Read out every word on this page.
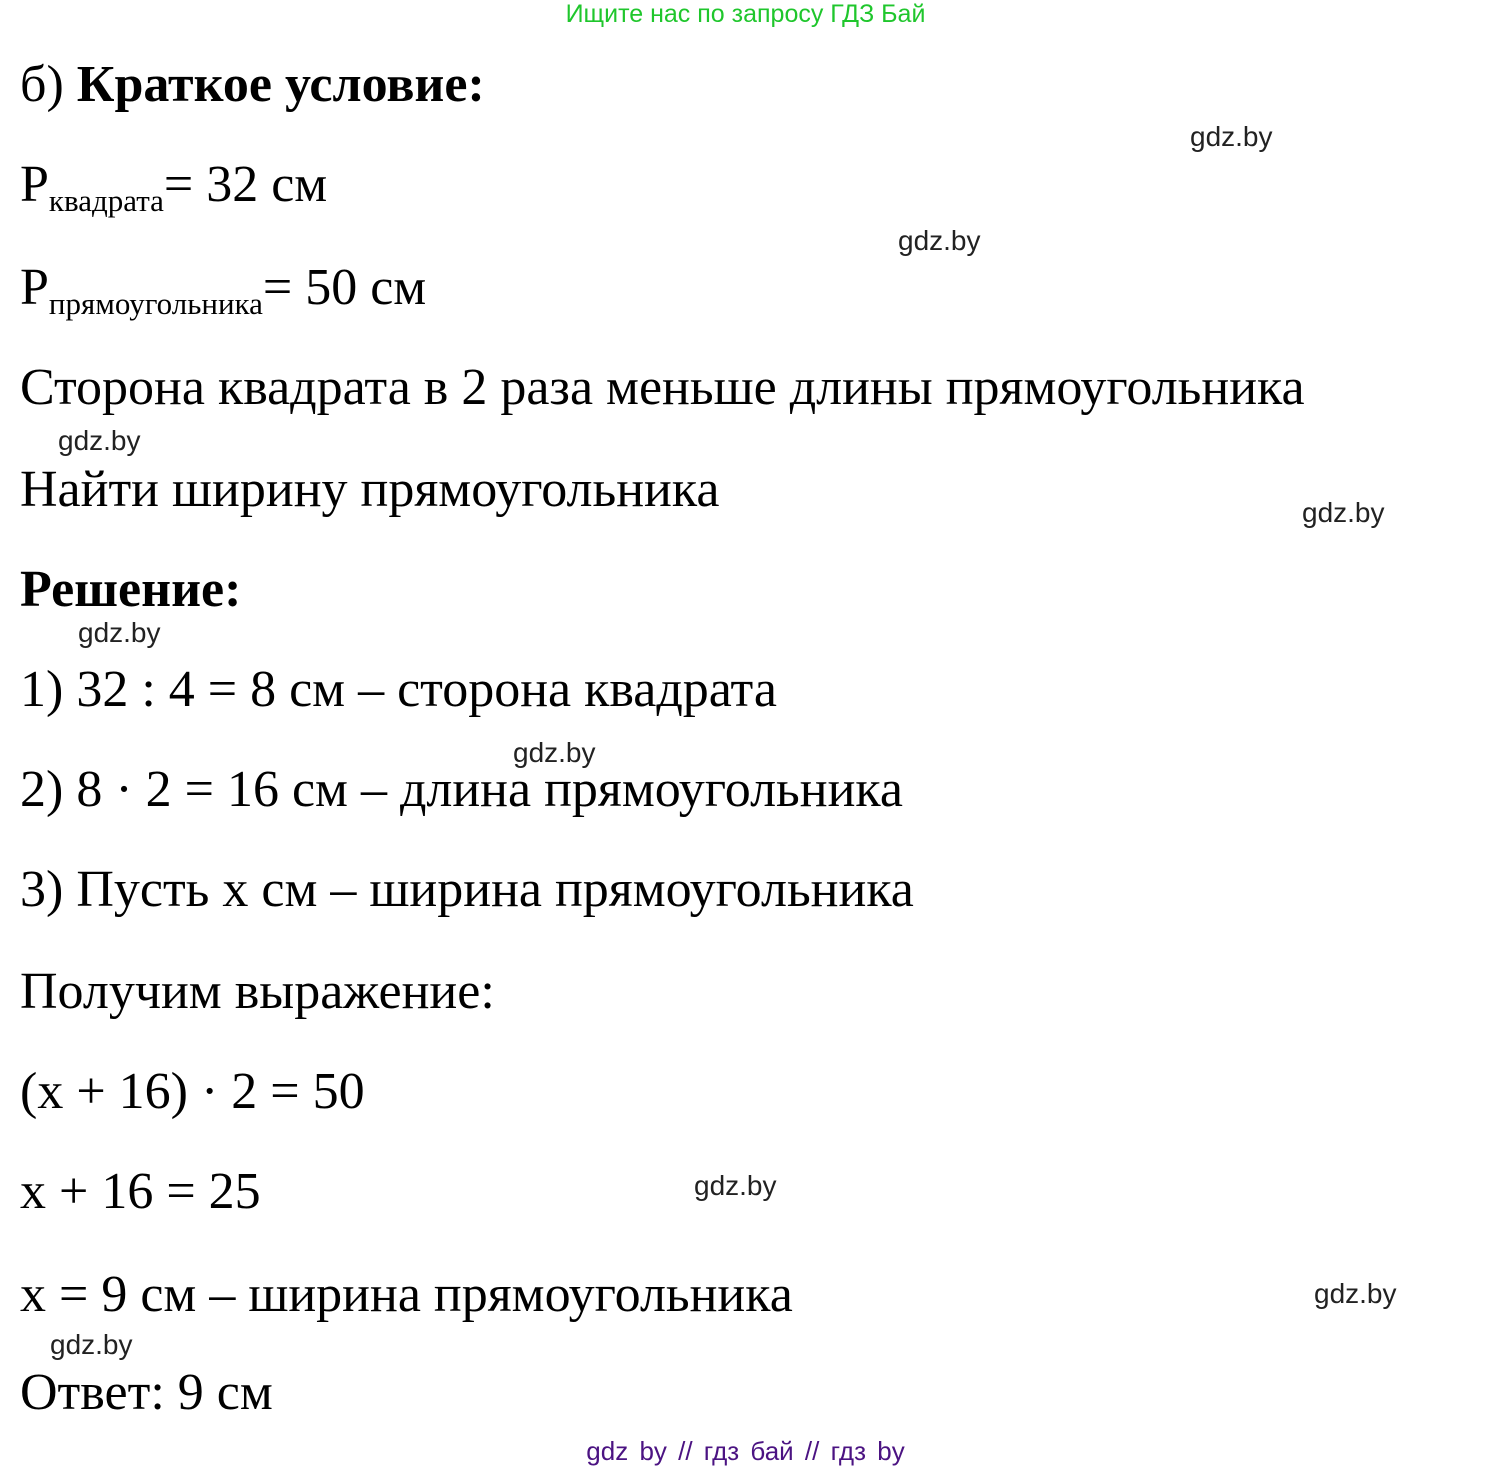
Ищите нас по запросу ГДЗ Бай
б) Краткое условие:
$P_{квадрата}= 32$ см
$P_{прямоугольника}= 50$ см
Сторона квадрата в 2 раза меньше длины прямоугольника
Найти ширину прямоугольника
Решение:
1) 32 : 4 = 8 см – сторона квадрата
2) 8 · 2 = 16 см – длина прямоугольника
3) Пусть x см – ширина прямоугольника
Получим выражение:
(x + 16) · 2 = 50
x + 16 = 25
x = 9 см – ширина прямоугольника
Ответ: 9 см
gdz.by
gdz.by
gdz.by
gdz.by
gdz.by
gdz.by
gdz.by
gdz.by
gdz.by
gdz by // гдз бай // гдз by
